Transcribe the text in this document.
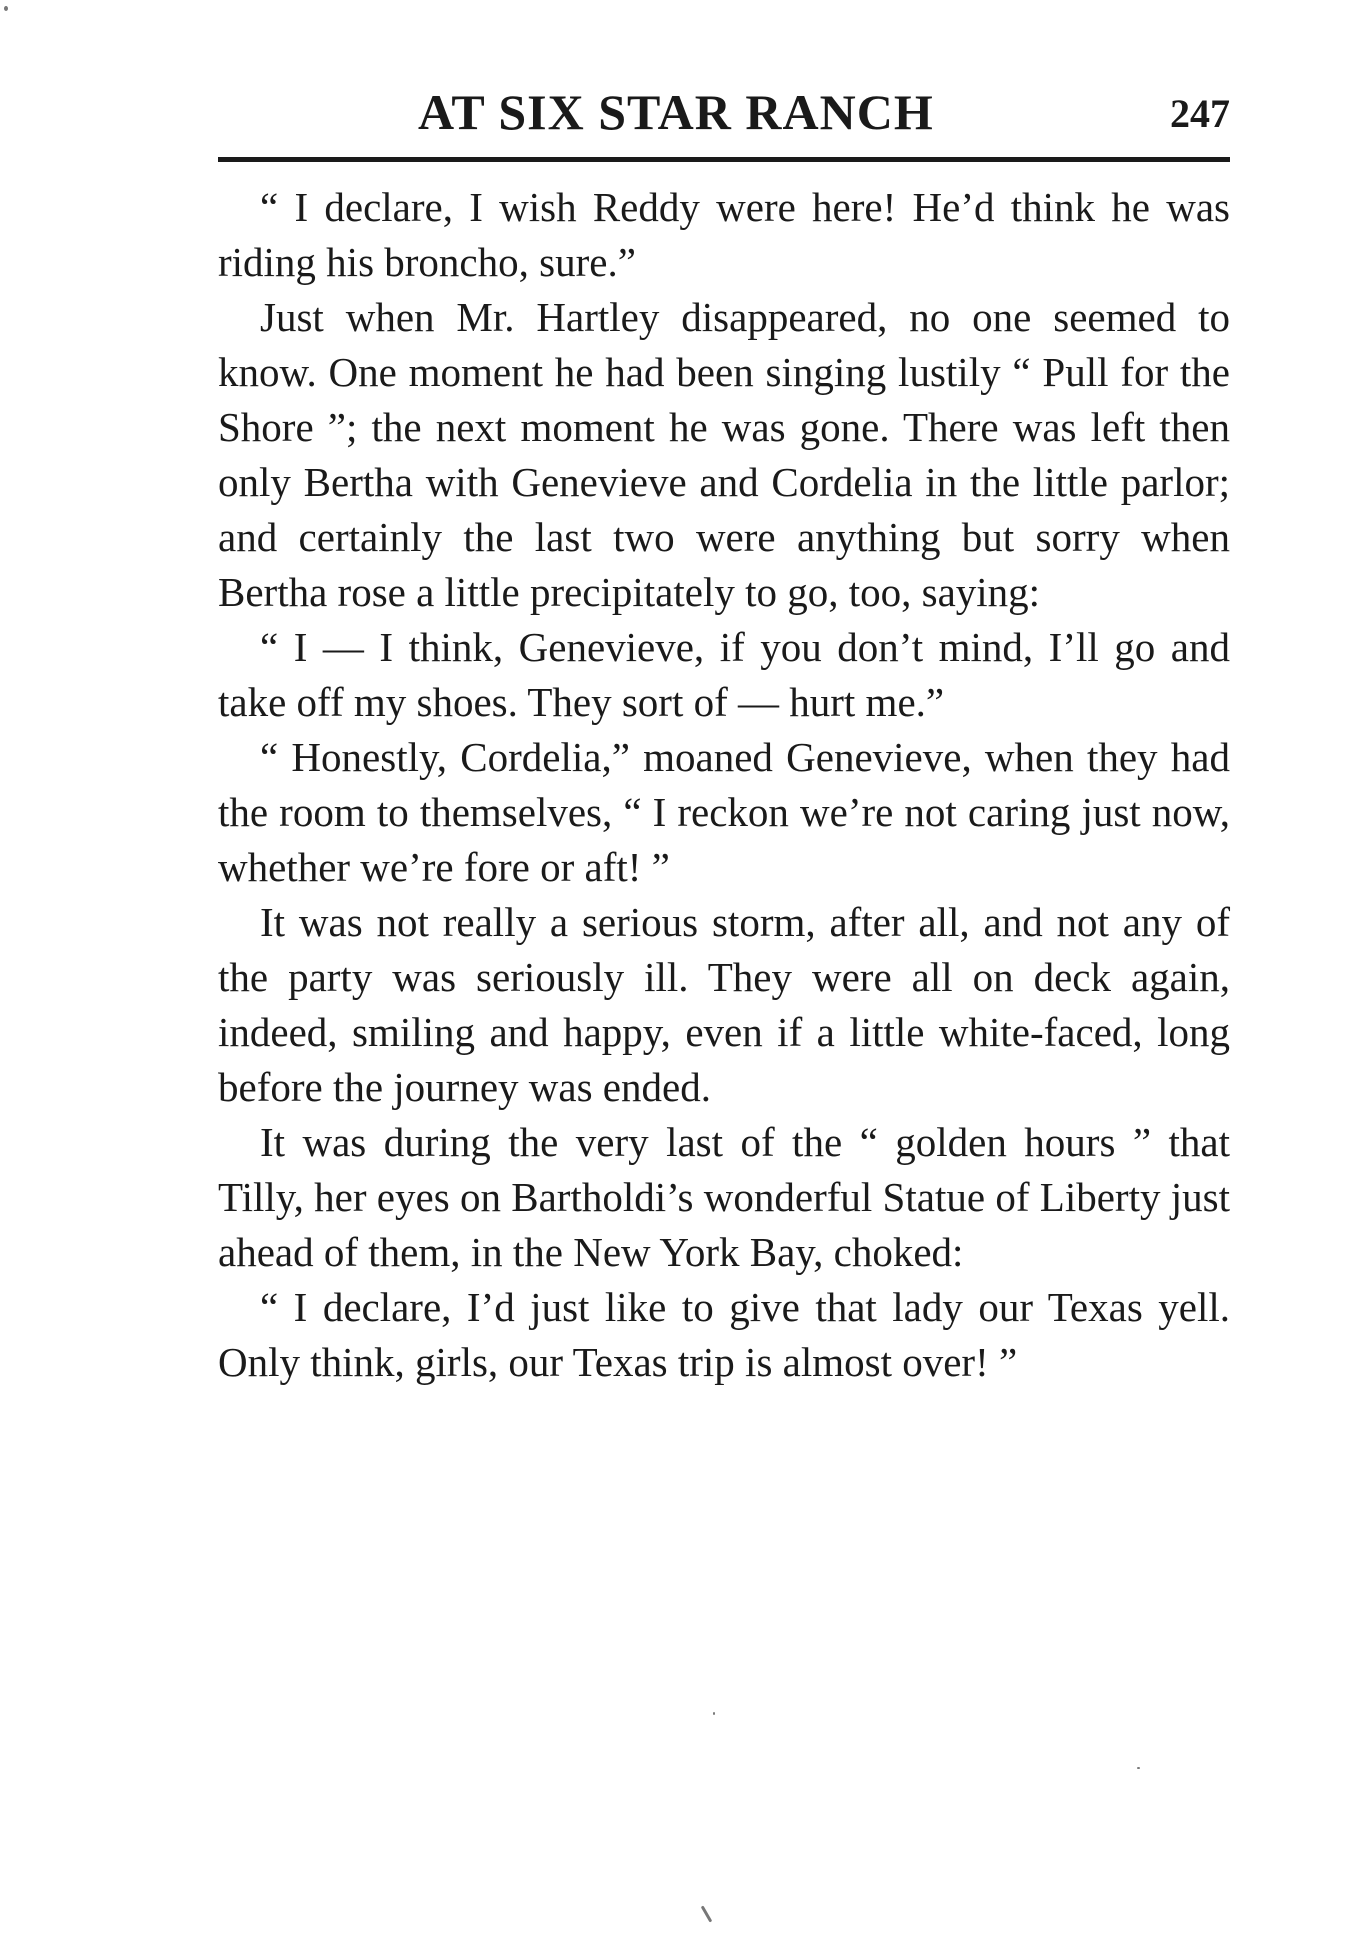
AT SIX STAR RANCH	247

“ I declare, I wish Reddy were here! He’d think he was riding his broncho, sure.”

Just when Mr. Hartley disappeared, no one seemed to know. One moment he had been singing lustily “ Pull for the Shore ”; the next moment he was gone. There was left then only Bertha with Genevieve and Cordelia in the little parlor; and certainly the last two were anything but sorry when Bertha rose a little precipitately to go, too, saying:

“ I — I think, Genevieve, if you don’t mind, I’ll go and take off my shoes. They sort of — hurt me.”

“ Honestly, Cordelia,” moaned Genevieve, when they had the room to themselves, “ I reckon we’re not caring just now, whether we’re fore or aft! ”

It was not really a serious storm, after all, and not any of the party was seriously ill. They were all on deck again, indeed, smiling and happy, even if a little white-faced, long before the journey was ended.

It was during the very last of the “ golden hours ” that Tilly, her eyes on Bartholdi’s wonderful Statue of Liberty just ahead of them, in the New York Bay, choked:

“ I declare, I’d just like to give that lady our Texas yell. Only think, girls, our Texas trip is almost over! ”
